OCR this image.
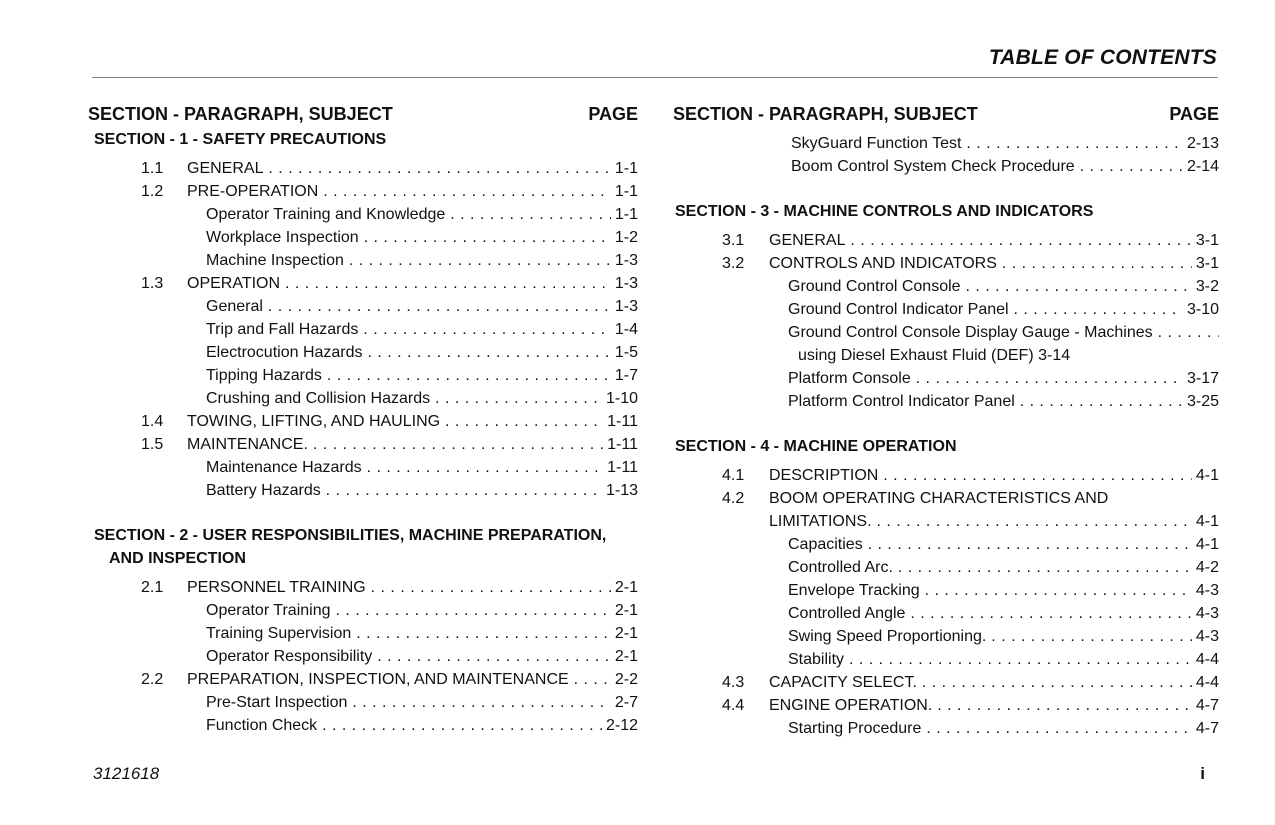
TABLE OF CONTENTS
SECTION - PARAGRAPH, SUBJECT	PAGE
SECTION - 1 - SAFETY PRECAUTIONS
1.1 GENERAL . . .	1-1
1.2 PRE-OPERATION . . .	1-1
Operator Training and Knowledge . . .	1-1
Workplace Inspection . . .	1-2
Machine Inspection . . .	1-3
1.3 OPERATION . . .	1-3
General . . .	1-3
Trip and Fall Hazards . . .	1-4
Electrocution Hazards . . .	1-5
Tipping Hazards . . .	1-7
Crushing and Collision Hazards . . .	1-10
1.4 TOWING, LIFTING, AND HAULING . . .	1-11
1.5 MAINTENANCE. . . .	1-11
Maintenance Hazards . . .	1-11
Battery Hazards . . .	1-13
SECTION - 2 - USER RESPONSIBILITIES, MACHINE PREPARATION,
AND INSPECTION
2.1 PERSONNEL TRAINING . . .	2-1
Operator Training . . .	2-1
Training Supervision . . .	2-1
Operator Responsibility . . .	2-1
2.2 PREPARATION, INSPECTION, AND MAINTENANCE . . .	2-2
Pre-Start Inspection . . .	2-7
Function Check . . .	2-12
SECTION - PARAGRAPH, SUBJECT	PAGE
SkyGuard Function Test . . .	2-13
Boom Control System Check Procedure . . .	2-14
SECTION - 3 - MACHINE CONTROLS AND INDICATORS
3.1 GENERAL . . .	3-1
3.2 CONTROLS AND INDICATORS . . .	3-1
Ground Control Console . . .	3-2
Ground Control Indicator Panel . . .	3-10
Ground Control Console Display Gauge - Machines . . .
using Diesel Exhaust Fluid (DEF) 3-14
Platform Console . . .	3-17
Platform Control Indicator Panel . . .	3-25
SECTION - 4 - MACHINE OPERATION
4.1 DESCRIPTION . . .	4-1
4.2 BOOM OPERATING CHARACTERISTICS AND
LIMITATIONS. . . .	4-1
Capacities . . .	4-1
Controlled Arc. . . .	4-2
Envelope Tracking . . .	4-3
Controlled Angle . . .	4-3
Swing Speed Proportioning. . . .	4-3
Stability . . .	4-4
4.3 CAPACITY SELECT. . . .	4-4
4.4 ENGINE OPERATION. . . .	4-7
Starting Procedure . . .	4-7
3121618	i
